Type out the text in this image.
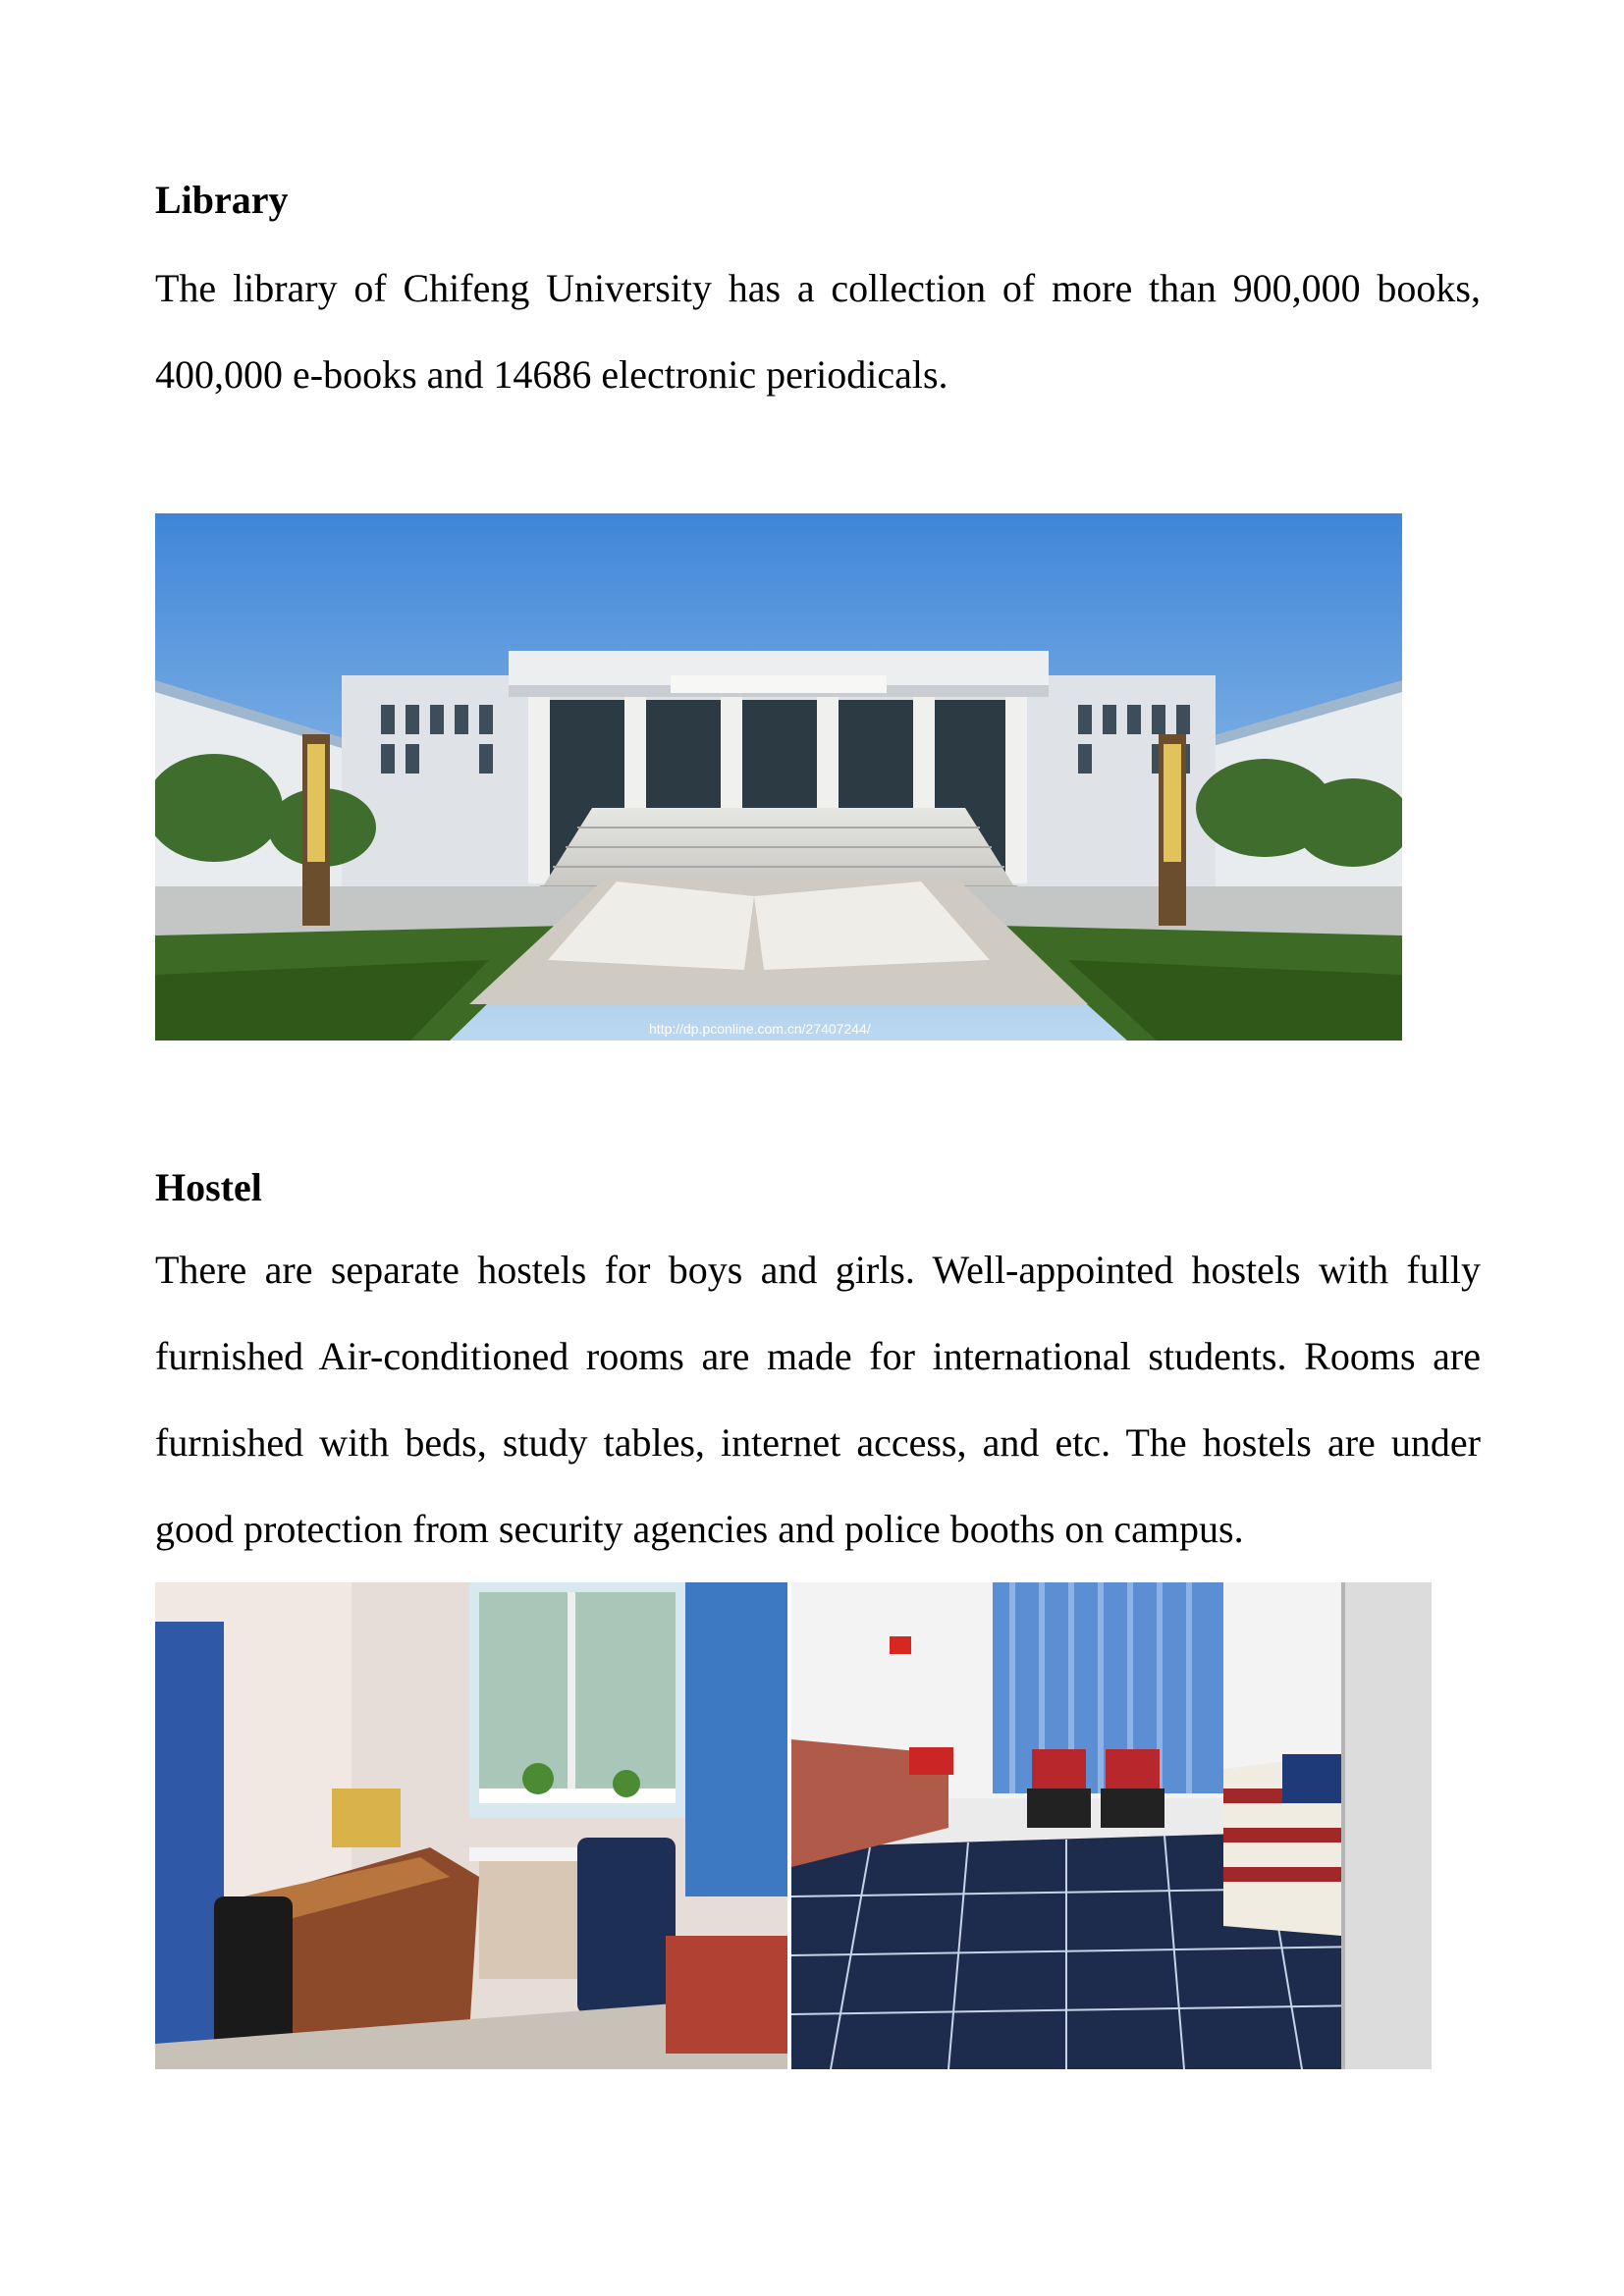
Library

The library of Chifeng University has a collection of more than 900,000 books, 400,000 e-books and 14686 electronic periodicals.

http://dp.pconline.com.cn/27407244/
Hostel

There are separate hostels for boys and girls. Well-appointed hostels with fully furnished Air-conditioned rooms are made for international students. Rooms are furnished with beds, study tables, internet access, and etc. The hostels are under good protection from security agencies and police booths on campus.
